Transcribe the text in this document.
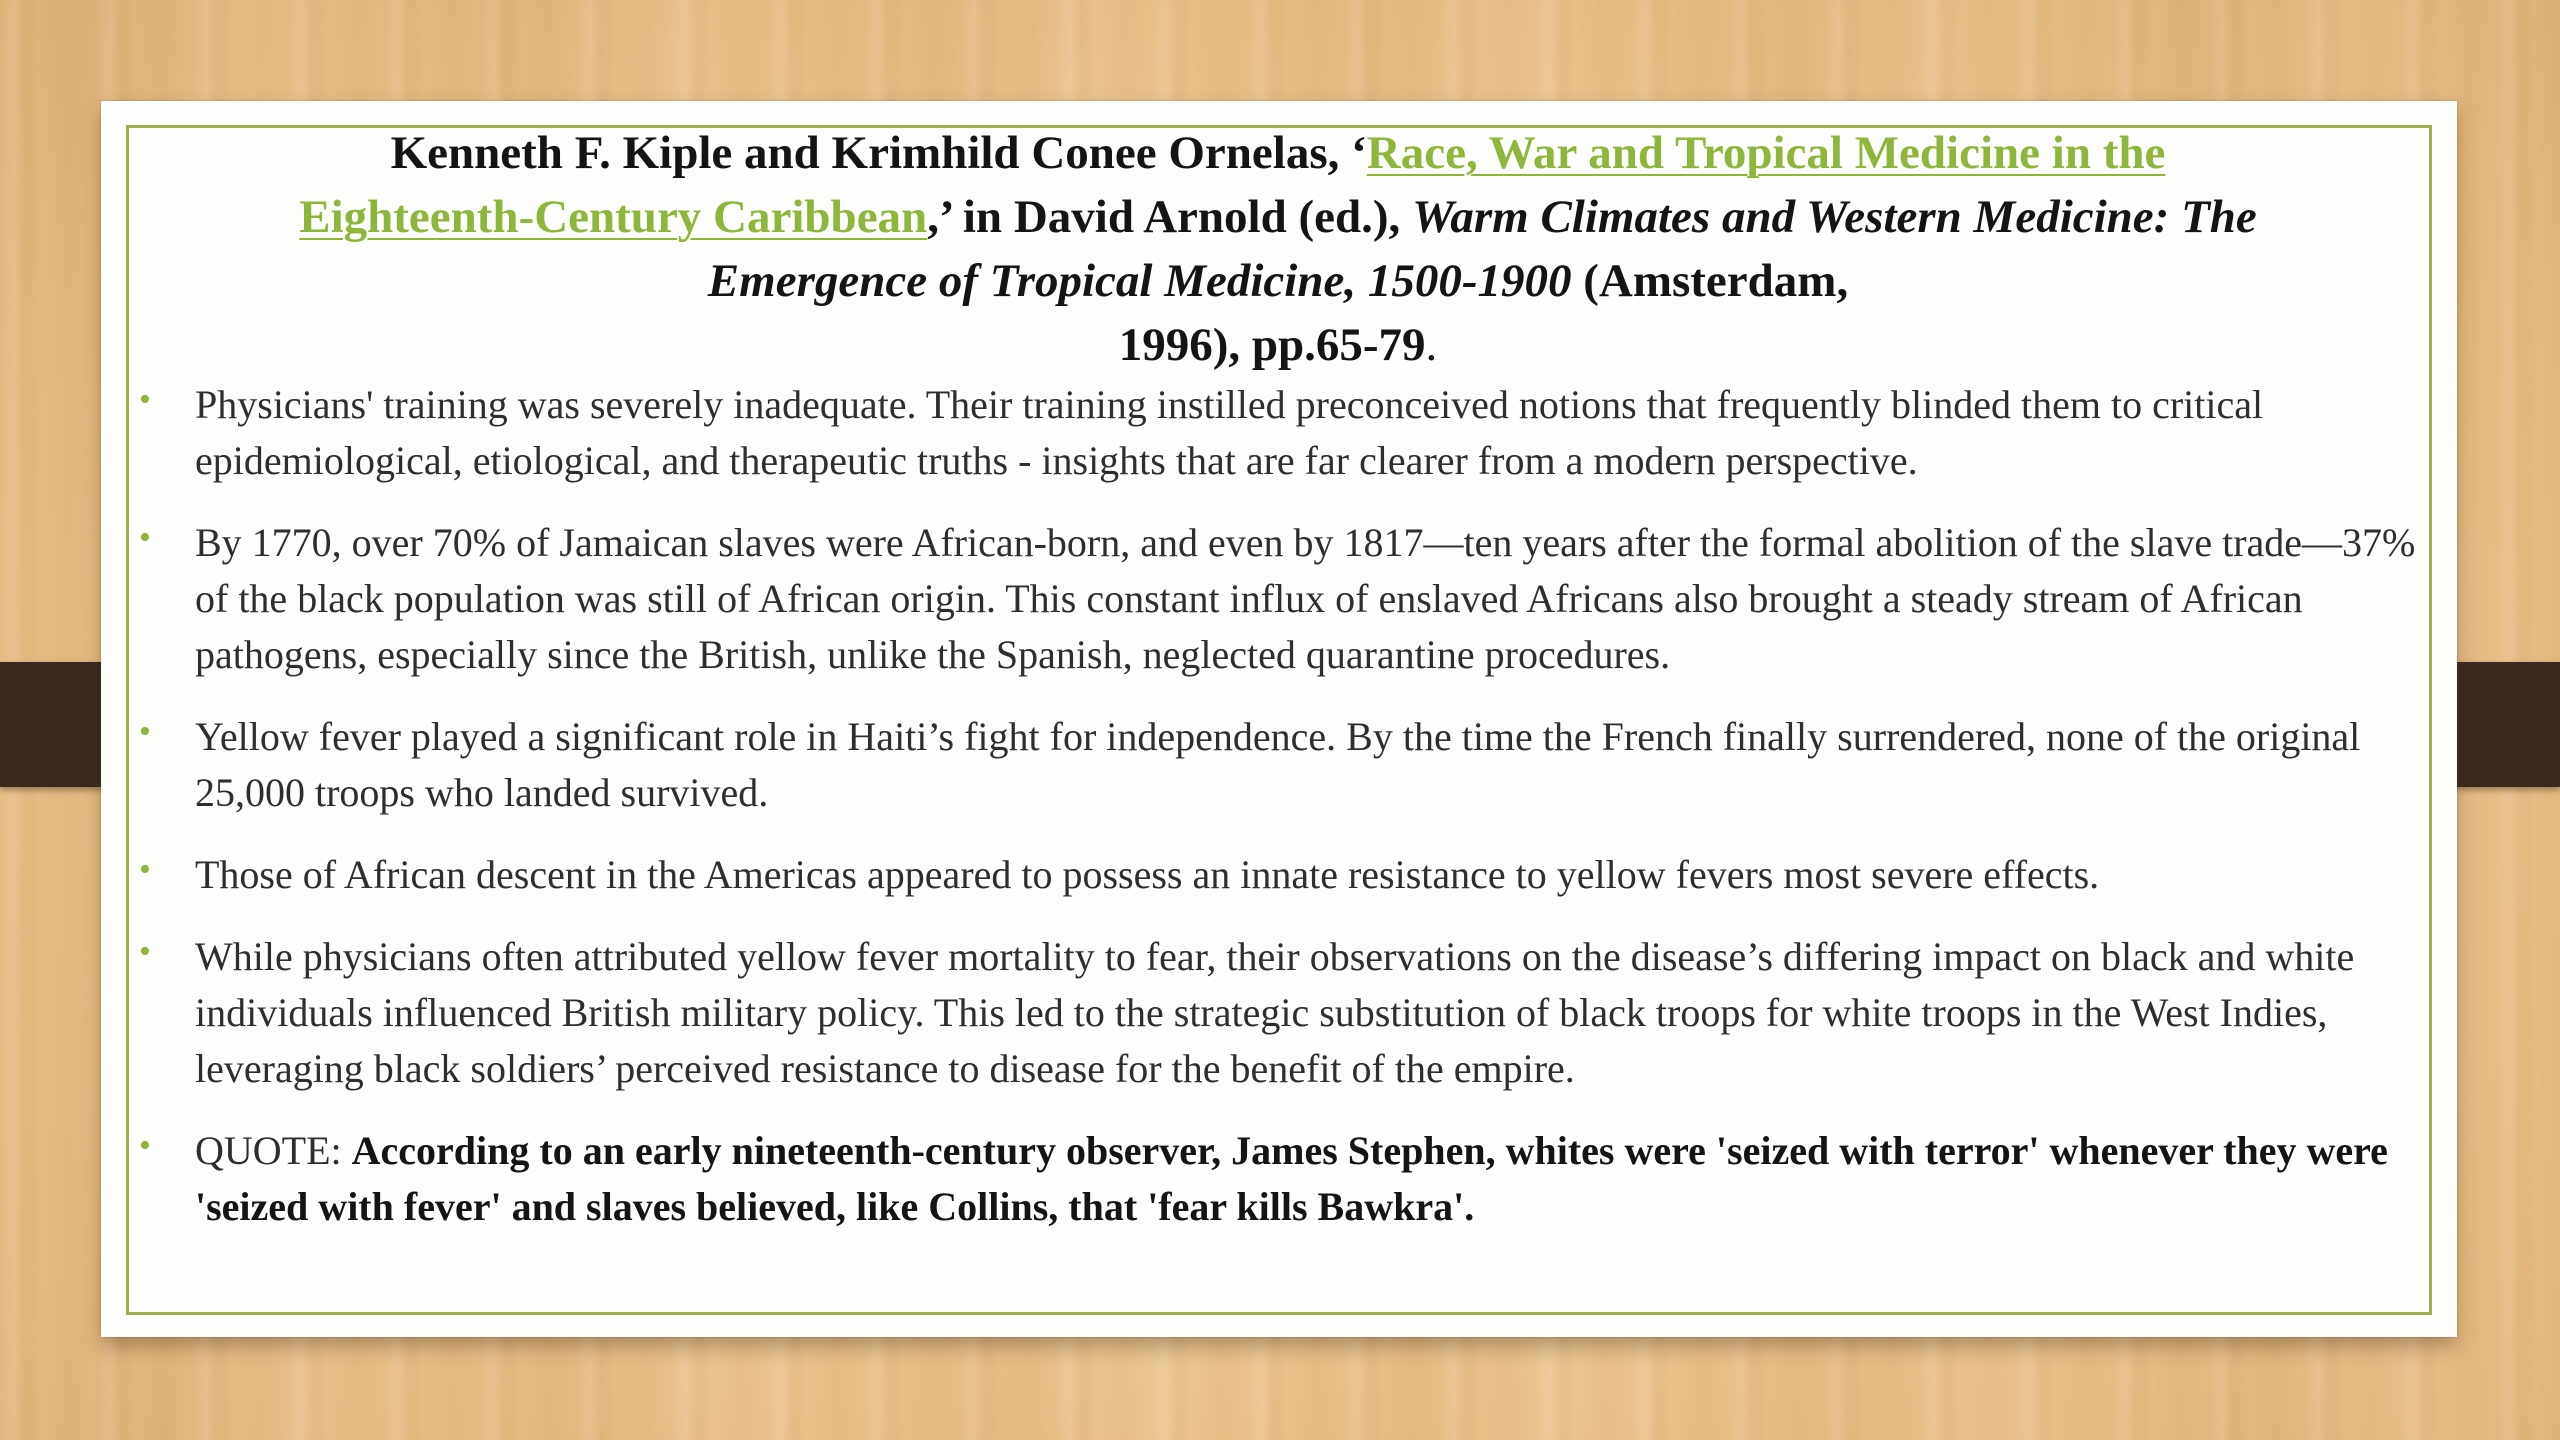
Kenneth F. Kiple and Krimhild Conee Ornelas, ‘Race, War and Tropical Medicine in the Eighteenth-Century Caribbean,’ in David Arnold (ed.), Warm Climates and Western Medicine: The Emergence of Tropical Medicine, 1500-1900 (Amsterdam,
1996), pp.65-79.
• Physicians' training was severely inadequate. Their training instilled preconceived notions that frequently blinded them to critical epidemiological, etiological, and therapeutic truths - insights that are far clearer from a modern perspective.
• By 1770, over 70% of Jamaican slaves were African-born, and even by 1817—ten years after the formal abolition of the slave trade—37% of the black population was still of African origin. This constant influx of enslaved Africans also brought a steady stream of African pathogens, especially since the British, unlike the Spanish, neglected quarantine procedures.
• Yellow fever played a significant role in Haiti’s fight for independence. By the time the French finally surrendered, none of the original 25,000 troops who landed survived.
• Those of African descent in the Americas appeared to possess an innate resistance to yellow fevers most severe effects.
• While physicians often attributed yellow fever mortality to fear, their observations on the disease’s differing impact on black and white individuals influenced British military policy. This led to the strategic substitution of black troops for white troops in the West Indies, leveraging black soldiers’ perceived resistance to disease for the benefit of the empire.
• QUOTE: According to an early nineteenth-century observer, James Stephen, whites were 'seized with terror' whenever they were 'seized with fever' and slaves believed, like Collins, that 'fear kills Bawkra'.
